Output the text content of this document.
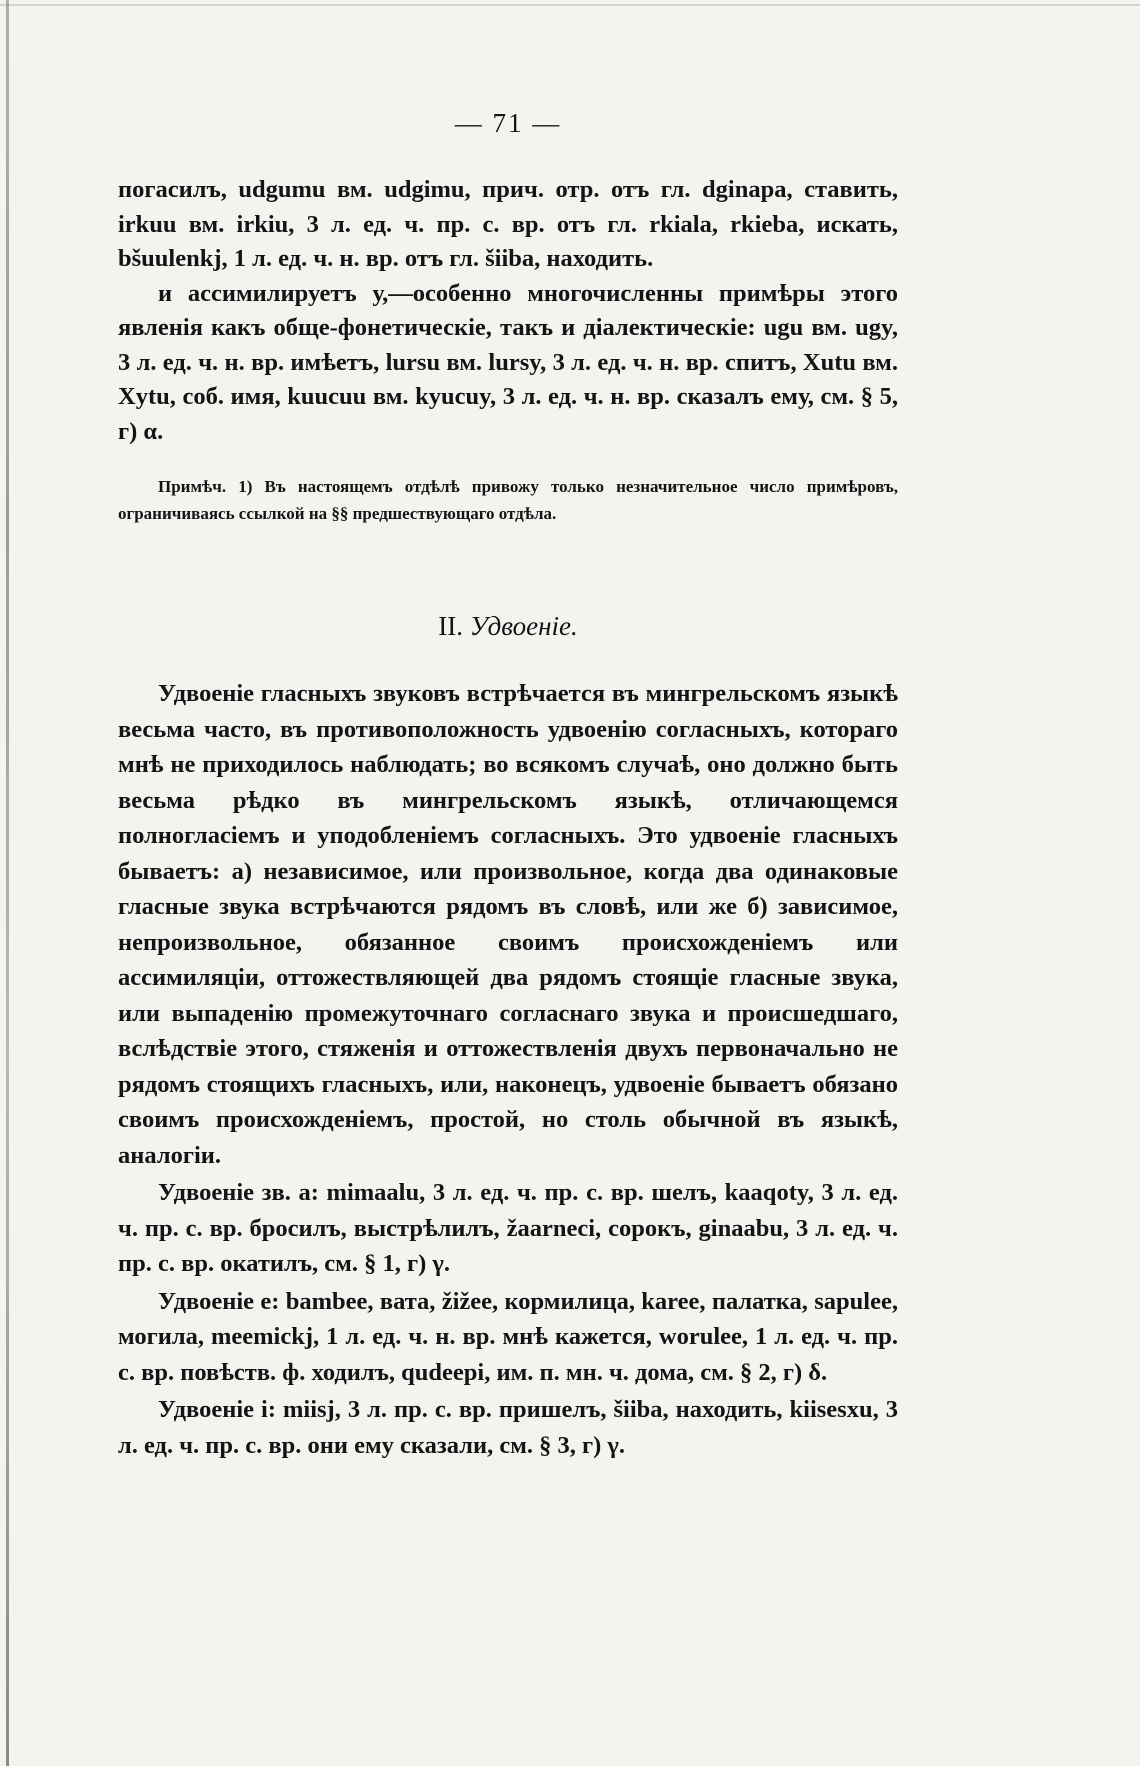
— 71 —

погасилъ, udgumu вм. udgimu, прич. отр. отъ гл. dginapa, ставить, irkuu вм. irkiu, 3 л. ед. ч. пр. с. вр. отъ гл. rkiala, rkieba, искать, bšuulenkj, 1 л. ед. ч. н. вр. отъ гл. šiiba, находить.

и ассимилируетъ у,—особенно многочисленны примѣры этого явленія какъ обще-фонетическіе, такъ и діалектическіе: ugu вм. ugy, 3 л. ед. ч. н. вр. имѣетъ, lursu вм. lursy, 3 л. ед. ч. н. вр. спитъ, Xutu вм. Xytu, соб. имя, kuucuu вм. kyucuy, 3 л. ед. ч. н. вр. сказалъ ему, см. § 5, г) α.

Примѣч. 1) Въ настоящемъ отдѣлѣ привожу только незначительное число примѣровъ, ограничиваясь ссылкой на §§ предшествующаго отдѣла.

II. Удвоеніе.

Удвоеніе гласныхъ звуковъ встрѣчается въ мингрельскомъ языкѣ весьма часто, въ противоположность удвоенію согласныхъ, котораго мнѣ не приходилось наблюдать; во всякомъ случаѣ, оно должно быть весьма рѣдко въ мингрельскомъ языкѣ, отличающемся полногласіемъ и уподобленіемъ согласныхъ. Это удвоеніе гласныхъ бываетъ: а) независимое, или произвольное, когда два одинаковые гласные звука встрѣчаются рядомъ въ словѣ, или же б) зависимое, непроизвольное, обязанное своимъ происхожденіемъ или ассимиляціи, оттожествляющей два рядомъ стоящіе гласные звука, или выпаденію промежуточнаго согласнаго звука и происшедшаго, вслѣдствіе этого, стяженія и оттожествленія двухъ первоначально не рядомъ стоящихъ гласныхъ, или, наконецъ, удвоеніе бываетъ обязано своимъ происхожденіемъ, простой, но столь обычной въ языкѣ, аналогіи.

Удвоеніе зв. а: mimaalu, 3 л. ед. ч. пр. с. вр. шелъ, kaaqoty, 3 л. ед. ч. пр. с. вр. бросилъ, выстрѣлилъ, žaarneci, сорокъ, ginaabu, 3 л. ед. ч. пр. с. вр. окатилъ, см. § 1, г) γ.

Удвоеніе е: bambee, вата, žižee, кормилица, karee, палатка, sapulee, могила, meemickj, 1 л. ед. ч. н. вр. мнѣ кажется, worulee, 1 л. ед. ч. пр. с. вр. повѣств. ф. ходилъ, qudeepi, им. п. мн. ч. дома, см. § 2, г) δ.

Удвоеніе і: miisj, 3 л. пр. с. вр. пришелъ, šiiba, находить, kiisesxu, 3 л. ед. ч. пр. с. вр. они ему сказали, см. § 3, г) γ.
